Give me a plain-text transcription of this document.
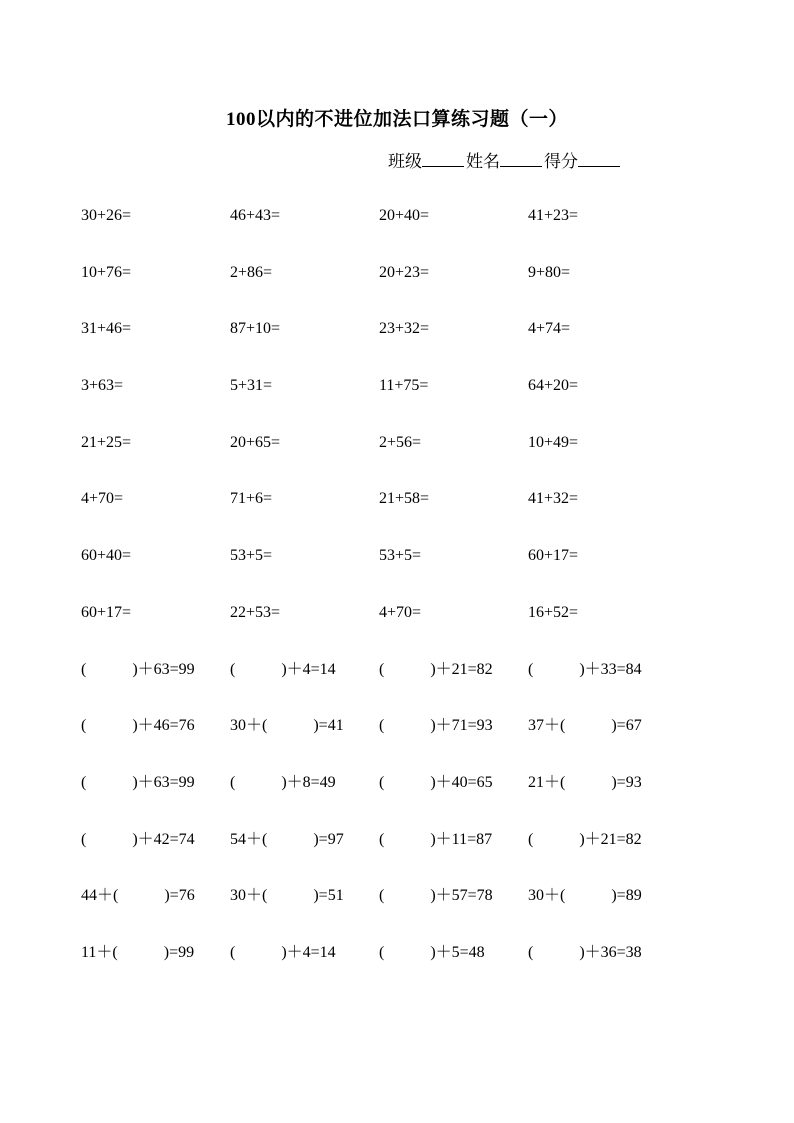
100以内的不进位加法口算练习题（一）
班级	姓名	得分
30+26=	46+43=	20+40=	41+23=
10+76=	2+86=	20+23=	9+80=
31+46=	87+10=	23+32=	4+74=
3+63=	5+31=	11+75=	64+20=
21+25=	20+65=	2+56=	10+49=
4+70=	71+6=	21+58=	41+32=
60+40=	53+5=	53+5=	60+17=
60+17=	22+53=	4+70=	16+52=
(	)＋63=99 (	)＋4=14	(	)＋21=82 (	)＋33=84
(	)＋46=76 30＋(	)=41 (	)＋71=93 37＋(	)=67
(	)＋63=99 (	)＋8=49	(	)＋40=65 21＋(	)=93
(	)＋42=74 54＋(	)=97 (	)＋11=87 (	)＋21=82
44＋(	)=76 30＋(	)=51 (	)＋57=78 30＋(	)=89
11＋(	)=99 (	)＋4=14	(	)＋5=48	(	)＋36=38
